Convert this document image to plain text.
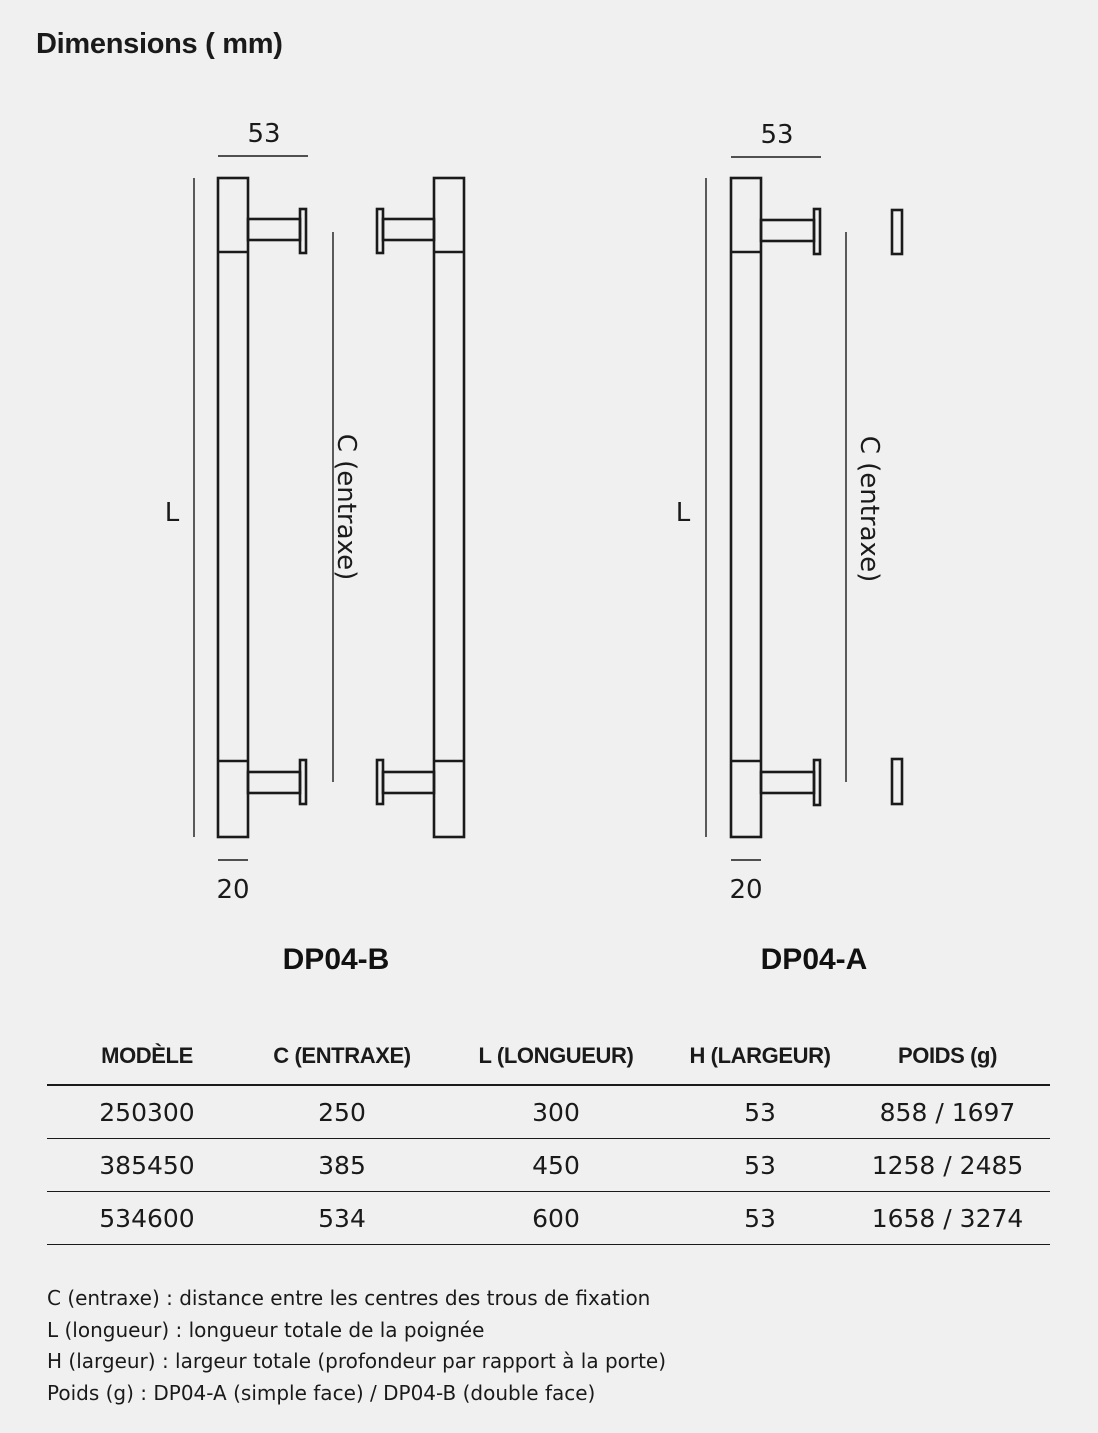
Dimensions ( mm)
53
L	C (entraxe)
20
DP04-B
53
L	C (entraxe)
20
DP04-A
MODÈLE	C (ENTRAXE)	L (LONGUEUR)	H (LARGEUR)	POIDS (g)
250300	250	300	53	858 / 1697
385450	385	450	53	1258 / 2485
534600	534	600	53	1658 / 3274
C (entraxe) : distance entre les centres des trous de fixation
L (longueur) : longueur totale de la poignée
H (largeur) : largeur totale (profondeur par rapport à la porte)
Poids (g) : DP04-A (simple face) / DP04-B (double face)
